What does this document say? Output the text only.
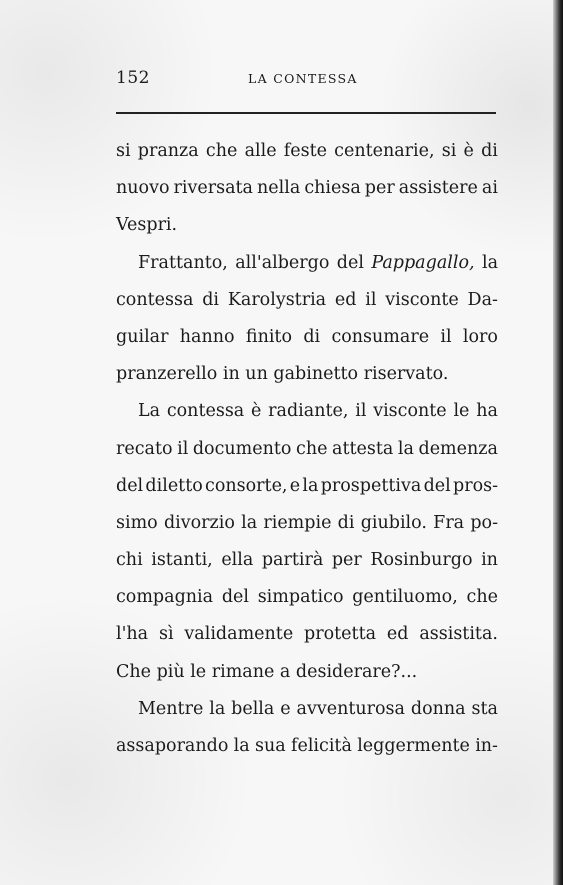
152	LA CONTESSA
si pranza che alle feste centenarie, si è di
nuovo riversata nella chiesa per assistere ai
Vespri.
Frattanto, all'albergo del Pappagallo, la
contessa di Karolystria ed il visconte Da-
guilar hanno finito di consumare il loro
pranzerello in un gabinetto riservato.
La contessa è radiante, il visconte le ha
recato il documento che attesta la demenza
del diletto consorte, e la prospettiva del pros-
simo divorzio la riempie di giubilo. Fra po-
chi istanti, ella partirà per Rosinburgo in
compagnia del simpatico gentiluomo, che
l'ha sì validamente protetta ed assistita.
Che più le rimane a desiderare?...
Mentre la bella e avventurosa donna sta
assaporando la sua felicità leggermente in-
